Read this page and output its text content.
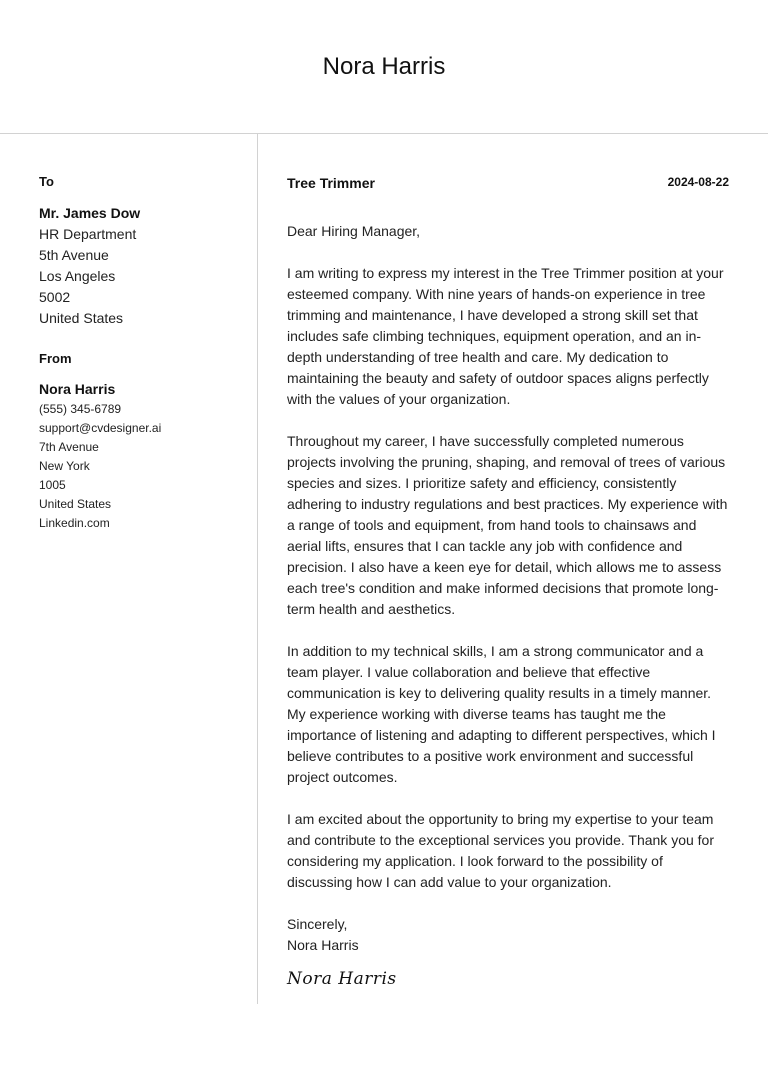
Nora Harris

To

Mr. James Dow

HR Department

5th Avenue

Los Angeles

5002

United States

From

Nora Harris

(555) 345-6789

support@cvdesigner.ai

7th Avenue

New York

1005

United States

Linkedin.com

Tree Trimmer	2024-08-22

Dear Hiring Manager,

I am writing to express my interest in the Tree Trimmer position at your esteemed company. With nine years of hands-on experience in tree trimming and maintenance, I have developed a strong skill set that includes safe climbing techniques, equipment operation, and an in-depth understanding of tree health and care. My dedication to maintaining the beauty and safety of outdoor spaces aligns perfectly with the values of your organization.

Throughout my career, I have successfully completed numerous projects involving the pruning, shaping, and removal of trees of various species and sizes. I prioritize safety and efficiency, consistently adhering to industry regulations and best practices. My experience with a range of tools and equipment, from hand tools to chainsaws and aerial lifts, ensures that I can tackle any job with confidence and precision. I also have a keen eye for detail, which allows me to assess each tree's condition and make informed decisions that promote long-term health and aesthetics.

In addition to my technical skills, I am a strong communicator and a team player. I value collaboration and believe that effective communication is key to delivering quality results in a timely manner. My experience working with diverse teams has taught me the importance of listening and adapting to different perspectives, which I believe contributes to a positive work environment and successful project outcomes.

I am excited about the opportunity to bring my expertise to your team and contribute to the exceptional services you provide. Thank you for considering my application. I look forward to the possibility of discussing how I can add value to your organization.

Sincerely,

Nora Harris

Nora Harris
